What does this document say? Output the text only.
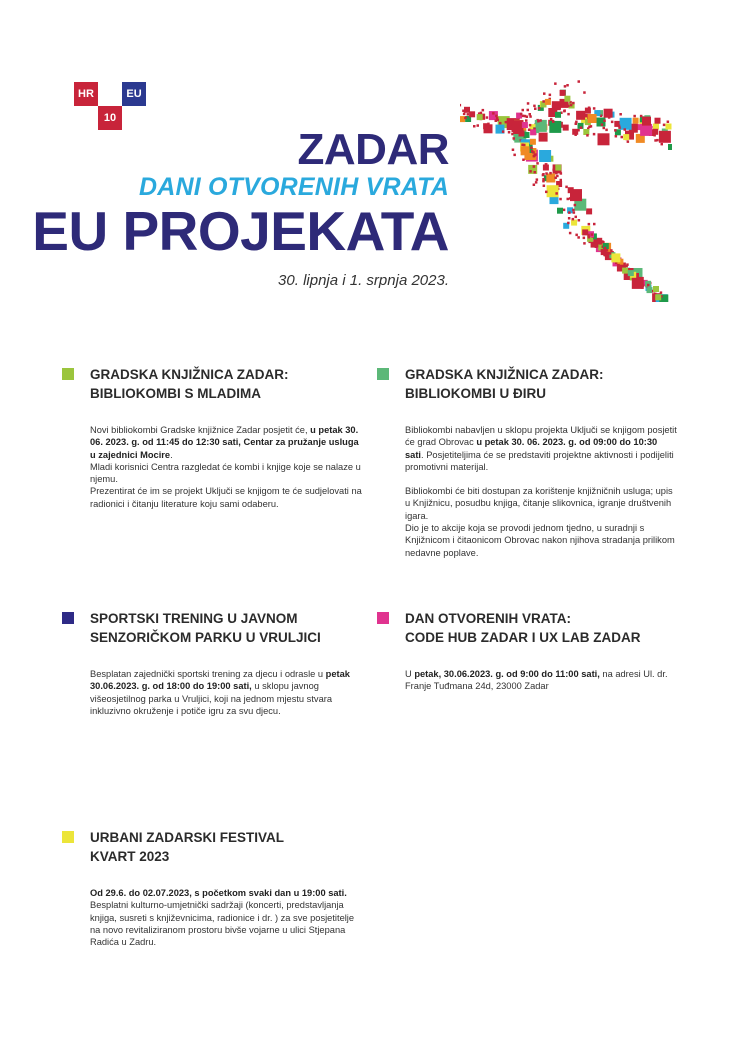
HR	EU
10
ZADAR
DANI OTVORENIH VRATA
EU PROJEKATA
30. lipnja i 1. srpnja 2023.
GRADSKA KNJIŽNICA ZADAR:
BIBLIOKOMBI S MLADIMA

Novi bibliokombi Gradske knjižnice Zadar posjetit će, u petak 30. 06. 2023. g. od 11:45 do 12:30 sati, Centar za pružanje usluga u zajednici Mocire.

Mladi korisnici Centra razgledat će kombi i knjige koje se nalaze u njemu.

Prezentirat će im se projekt Uključi se knjigom te će sudjelovati na radionici i čitanju literature koju sami odaberu.

GRADSKA KNJIŽNICA ZADAR:
BIBLIOKOMBI U ĐIRU

Bibliokombi nabavljen u sklopu projekta Uključi se knjigom posjetit će grad Obrovac u petak 30. 06. 2023. g. od 09:00 do 10:30 sati. Posjetiteljima će se predstaviti projektne aktivnosti i podijeliti promotivni materijal.

Bibliokombi će biti dostupan za korištenje knjižničnih usluga; upis u Knjižnicu, posudbu knjiga, čitanje slikovnica, igranje društvenih igara.

Dio je to akcije koja se provodi jednom tjedno, u suradnji s Knjižnicom i čitaonicom Obrovac nakon njihova stradanja prilikom nedavne poplave.

SPORTSKI TRENING U JAVNOM
SENZORIČKOM PARKU U VRULJICI

Besplatan zajednički sportski trening za djecu i odrasle u petak 30.06.2023. g. od 18:00 do 19:00 sati, u sklopu javnog višeosjetilnog parka u Vruljici, koji na jednom mjestu stvara inkluzivno okruženje i potiče igru za svu djecu.

DAN OTVORENIH VRATA:
CODE HUB ZADAR I UX LAB ZADAR

U petak, 30.06.2023. g. od 9:00 do 11:00 sati, na adresi Ul. dr. Franje Tuđmana 24d, 23000 Zadar

URBANI ZADARSKI FESTIVAL
KVART 2023

Od 29.6. do 02.07.2023, s početkom svaki dan u 19:00 sati.

Besplatni kulturno-umjetnički sadržaji (koncerti, predstavljanja knjiga, susreti s književnicima, radionice i dr. ) za sve posjetitelje na novo revitaliziranom prostoru bivše vojarne u ulici Stjepana Radića u Zadru.
